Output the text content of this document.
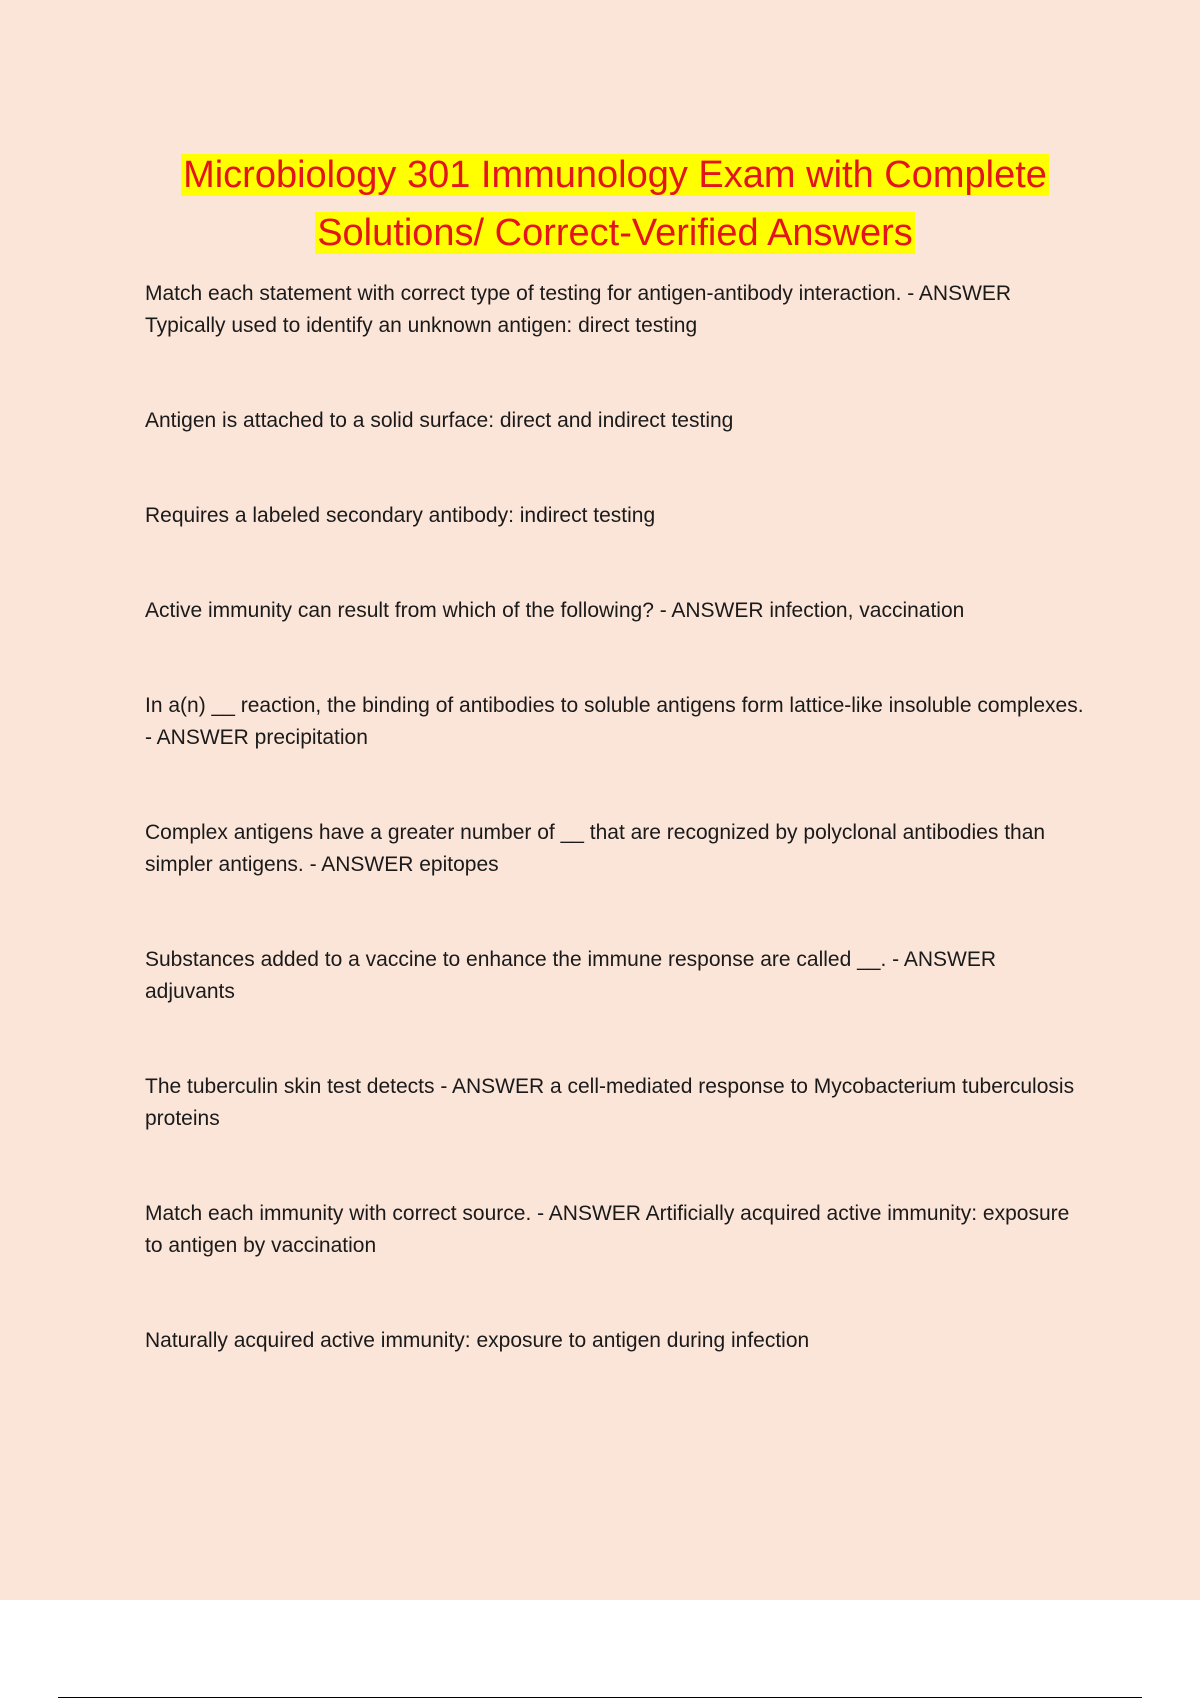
Microbiology 301 Immunology Exam with Complete
Solutions/ Correct-Verified Answers

Match each statement with correct type of testing for antigen-antibody interaction. - ANSWER Typically used to identify an unknown antigen: direct testing

Antigen is attached to a solid surface: direct and indirect testing

Requires a labeled secondary antibody: indirect testing

Active immunity can result from which of the following? - ANSWER infection, vaccination

In a(n) __ reaction, the binding of antibodies to soluble antigens form lattice-like insoluble complexes. - ANSWER precipitation

Complex antigens have a greater number of __ that are recognized by polyclonal antibodies than simpler antigens. - ANSWER epitopes

Substances added to a vaccine to enhance the immune response are called __. - ANSWER adjuvants

The tuberculin skin test detects - ANSWER a cell-mediated response to Mycobacterium tuberculosis proteins

Match each immunity with correct source. - ANSWER Artificially acquired active immunity: exposure to antigen by vaccination

Naturally acquired active immunity: exposure to antigen during infection
